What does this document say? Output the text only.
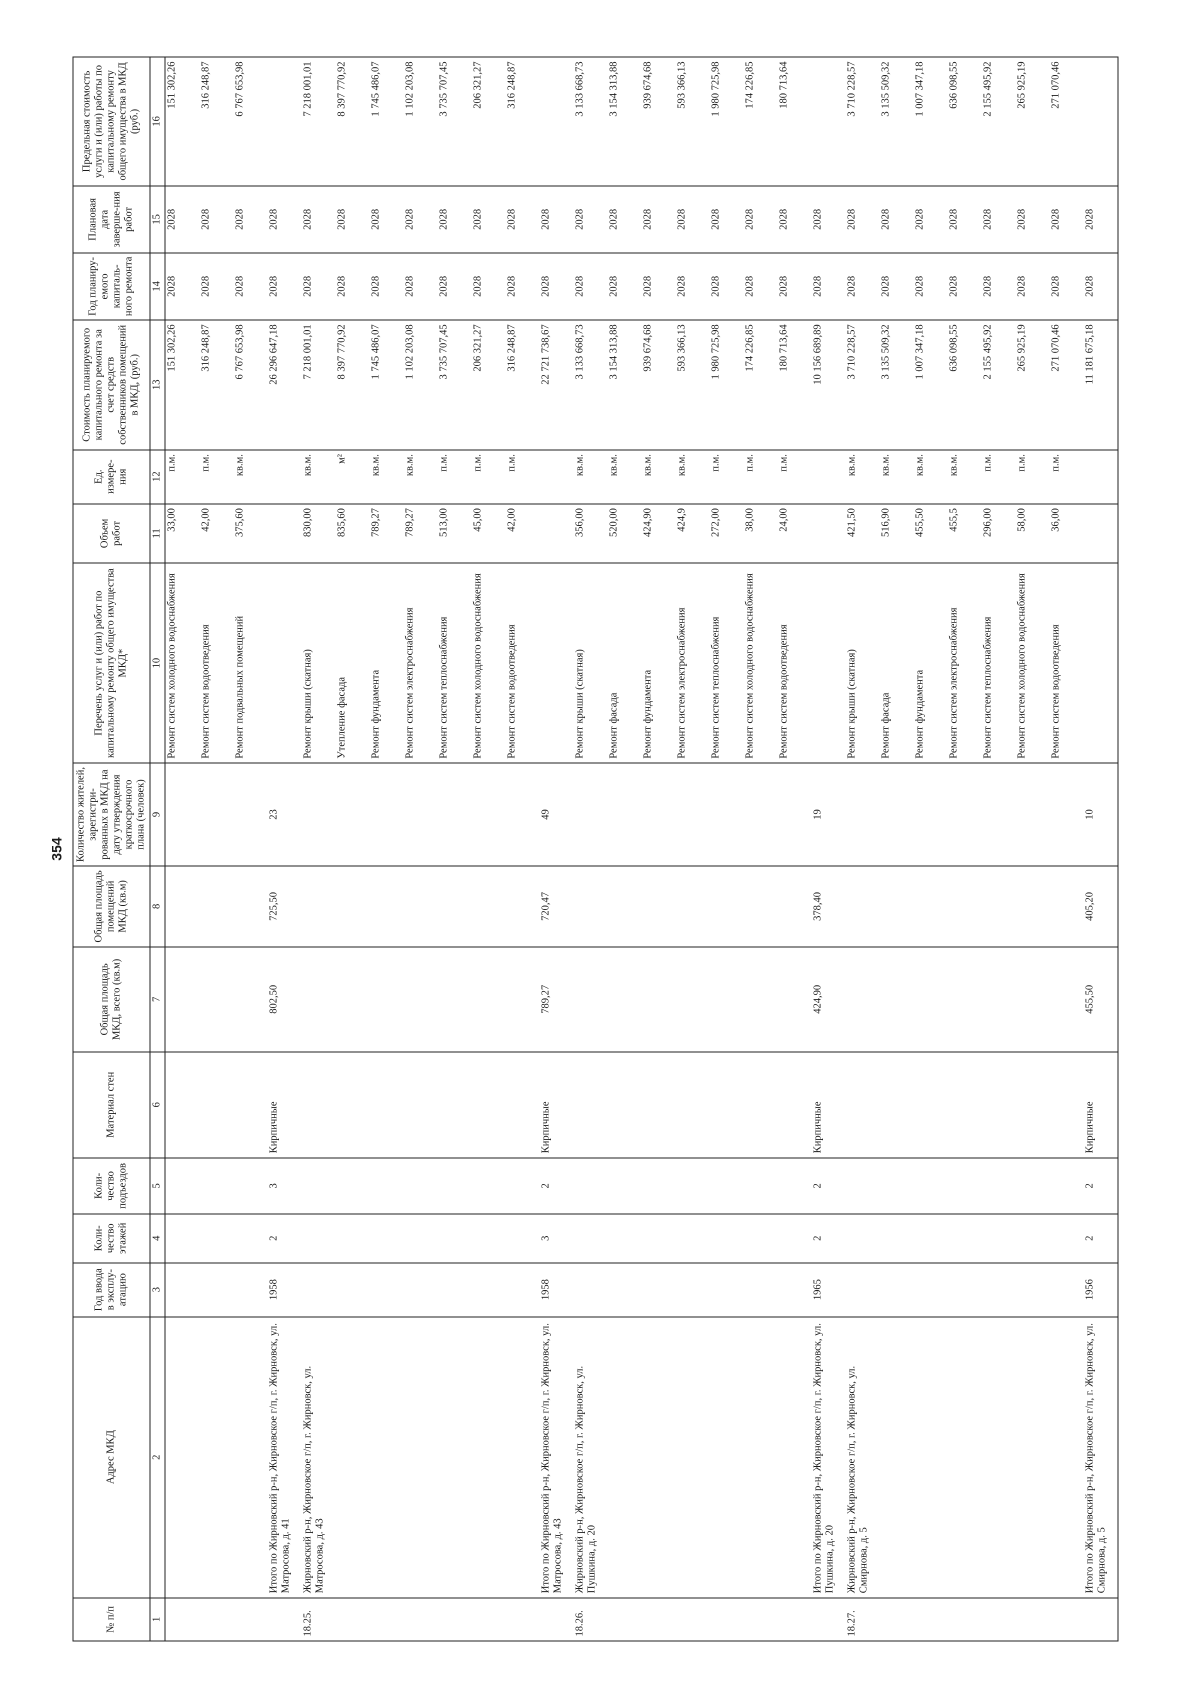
354
№ п/п	Адрес МКД	Год ввода в эксплу-атацию	Коли-чество этажей	Коли-чество подъездов	Материал стен	Общая площадь МКД, всего (кв.м)	Общая площадь помещений МКД (кв.м)	Количество жителей, зарегистри-рованных в МКД на дату утверждения краткосрочного плана (человек)	Перечень услуг и (или) работ по капитальному ремонту общего имущества МКД*	Объем работ	Ед. измере-ния	Стоимость планируемого капитального ремонта за счет средств собственников помещений в МКД, (руб.)	Год планиру-емого капиталь-ного ремонта	Плановая дата заверше-ния работ	Предельная стоимость услуги и (или) работы по капитальному ремонту общего имущества в МКД (руб.)
1	2	3	4	5	6	7	8	9	10	11	12	13	14	15	16
									Ремонт систем холодного водоснабжения	33,00	п.м.	151 302,26	2028	2028	151 302,26
									Ремонт систем водоотведения	42,00	п.м.	316 248,87	2028	2028	316 248,87
									Ремонт подвальных помещений	375,60	кв.м.	6 767 653,98	2028	2028	6 767 653,98
	Итого по Жирновский р-н, Жирновское г/п, г. Жирновск, ул. Матросова, д. 41	1958	2	3	Кирпичные	802,50	725,50	23				26 296 647,18	2028	2028	
18.25.	Жирновский р-н, Жирновское г/п, г. Жирновск, ул. Матросова, д. 43								Ремонт крыши (скатная)	830,00	кв.м.	7 218 001,01	2028	2028	7 218 001,01
									Утепление фасада	835,60	м²	8 397 770,92	2028	2028	8 397 770,92
									Ремонт фундамента	789,27	кв.м.	1 745 486,07	2028	2028	1 745 486,07
									Ремонт систем электроснабжения	789,27	кв.м.	1 102 203,08	2028	2028	1 102 203,08
									Ремонт систем теплоснабжения	513,00	п.м.	3 735 707,45	2028	2028	3 735 707,45
									Ремонт систем холодного водоснабжения	45,00	п.м.	206 321,27	2028	2028	206 321,27
									Ремонт систем водоотведения	42,00	п.м.	316 248,87	2028	2028	316 248,87
	Итого по Жирновский р-н, Жирновское г/п, г. Жирновск, ул. Матросова, д. 43	1958	3	2	Кирпичные	789,27	720,47	49				22 721 738,67	2028	2028	
18.26.	Жирновский р-н, Жирновское г/п, г. Жирновск, ул. Пушкина, д. 20								Ремонт крыши (скатная)	356,00	кв.м.	3 133 668,73	2028	2028	3 133 668,73
									Ремонт фасада	520,00	кв.м.	3 154 313,88	2028	2028	3 154 313,88
									Ремонт фундамента	424,90	кв.м.	939 674,68	2028	2028	939 674,68
									Ремонт систем электроснабжения	424,9	кв.м.	593 366,13	2028	2028	593 366,13
									Ремонт систем теплоснабжения	272,00	п.м.	1 980 725,98	2028	2028	1 980 725,98
									Ремонт систем холодного водоснабжения	38,00	п.м.	174 226,85	2028	2028	174 226,85
									Ремонт систем водоотведения	24,00	п.м.	180 713,64	2028	2028	180 713,64
	Итого по Жирновский р-н, Жирновское г/п, г. Жирновск, ул. Пушкина, д. 20	1965	2	2	Кирпичные	424,90	378,40	19				10 156 689,89	2028	2028	
18.27.	Жирновский р-н, Жирновское г/п, г. Жирновск, ул. Смирнова, д. 5								Ремонт крыши (скатная)	421,50	кв.м.	3 710 228,57	2028	2028	3 710 228,57
									Ремонт фасада	516,90	кв.м.	3 135 509,32	2028	2028	3 135 509,32
									Ремонт фундамента	455,50	кв.м.	1 007 347,18	2028	2028	1 007 347,18
									Ремонт систем электроснабжения	455,5	кв.м.	636 098,55	2028	2028	636 098,55
									Ремонт систем теплоснабжения	296,00	п.м.	2 155 495,92	2028	2028	2 155 495,92
									Ремонт систем холодного водоснабжения	58,00	п.м.	265 925,19	2028	2028	265 925,19
									Ремонт систем водоотведения	36,00	п.м.	271 070,46	2028	2028	271 070,46
	Итого по Жирновский р-н, Жирновское г/п, г. Жирновск, ул. Смирнова, д. 5	1956	2	2	Кирпичные	455,50	405,20	10				11 181 675,18	2028	2028	
